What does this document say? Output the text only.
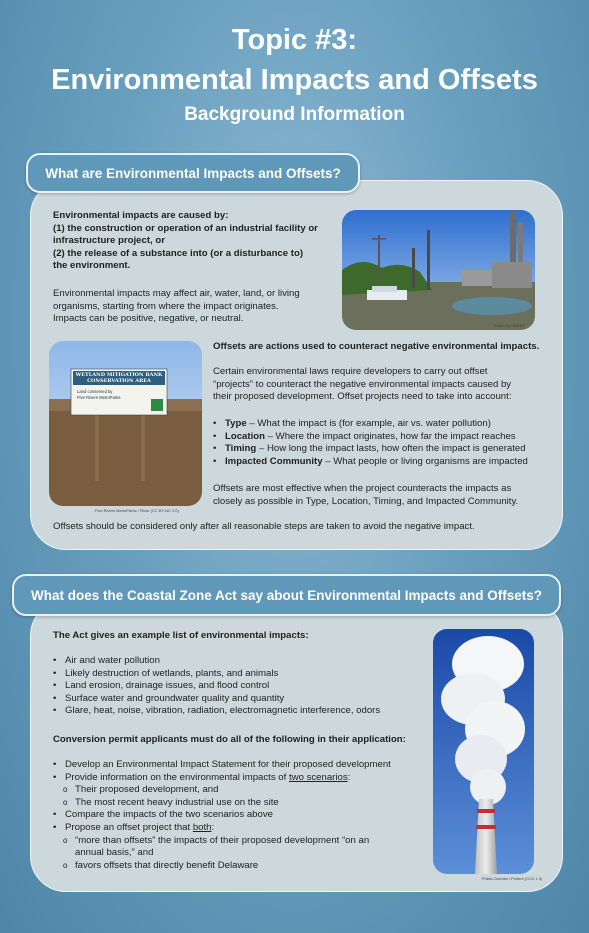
Topic #3:
Environmental Impacts and Offsets
Background Information
What are Environmental Impacts and Offsets?
Environmental impacts are caused by:
(1) the construction or operation of an industrial facility or
infrastructure project, or
(2) the release of a substance into (or a disturbance to)
the environment.
Environmental impacts may affect air, water, land, or living
organisms, starting from where the impact originates.
Impacts can be positive, negative, or neutral.
Photo by DNREC
WETLAND MITIGATION BANK
CONSERVATION AREA
Land conserved by
Five Rivers MetroParks
Five Rivers MetroParks / Flickr (CC BY-NC 2.0)
Offsets are actions used to counteract negative environmental impacts.
Certain environmental laws require developers to carry out offset
“projects” to counteract the negative environmental impacts caused by
their proposed development. Offset projects need to take into account:
• Type – What the impact is (for example, air vs. water pollution)
• Location – Where the impact originates, how far the impact reaches
• Timing – How long the impact lasts, how often the impact is generated
• Impacted Community – What people or living organisms are impacted
Offsets are most effective when the project counteracts the impacts as
closely as possible in Type, Location, Timing, and Impacted Community.
Offsets should be considered only after all reasonable steps are taken to avoid the negative impact.
What does the Coastal Zone Act say about Environmental Impacts and Offsets?
The Act gives an example list of environmental impacts:
• Air and water pollution
• Likely destruction of wetlands, plants, and animals
• Land erosion, drainage issues, and flood control
• Surface water and groundwater quality and quantity
• Glare, heat, noise, vibration, radiation, electromagnetic interference, odors
Conversion permit applicants must do all of the following in their application:
• Develop an Environmental Impact Statement for their proposed development
• Provide information on the environmental impacts of two scenarios:
o Their proposed development, and
o The most recent heavy industrial use on the site
• Compare the impacts of the two scenarios above
• Propose an offset project that both:
o “more than offsets” the impacts of their proposed development “on an
annual basis,” and
o favors offsets that directly benefit Delaware
Public Domain / Pxhere (CC0 1.0)
